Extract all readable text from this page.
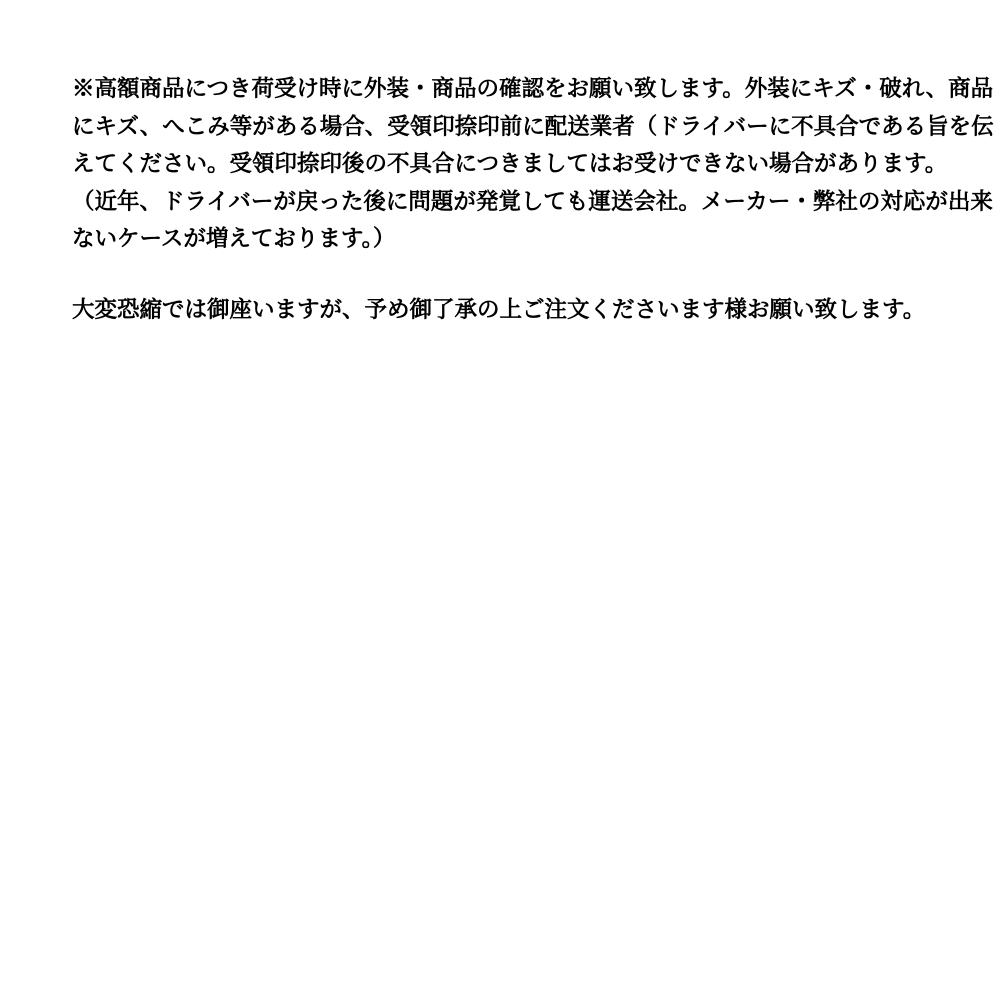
※高額商品につき荷受け時に外装・商品の確認をお願い致します。外装にキズ・破れ、商品
にキズ、へこみ等がある場合、受領印捺印前に配送業者（ドライバーに不具合である旨を伝
えてください。受領印捺印後の不具合につきましてはお受けできない場合があります。
（近年、ドライバーが戻った後に問題が発覚しても運送会社。メーカー・弊社の対応が出来
ないケースが増えております。）
大変恐縮では御座いますが、予め御了承の上ご注文くださいます様お願い致します。
